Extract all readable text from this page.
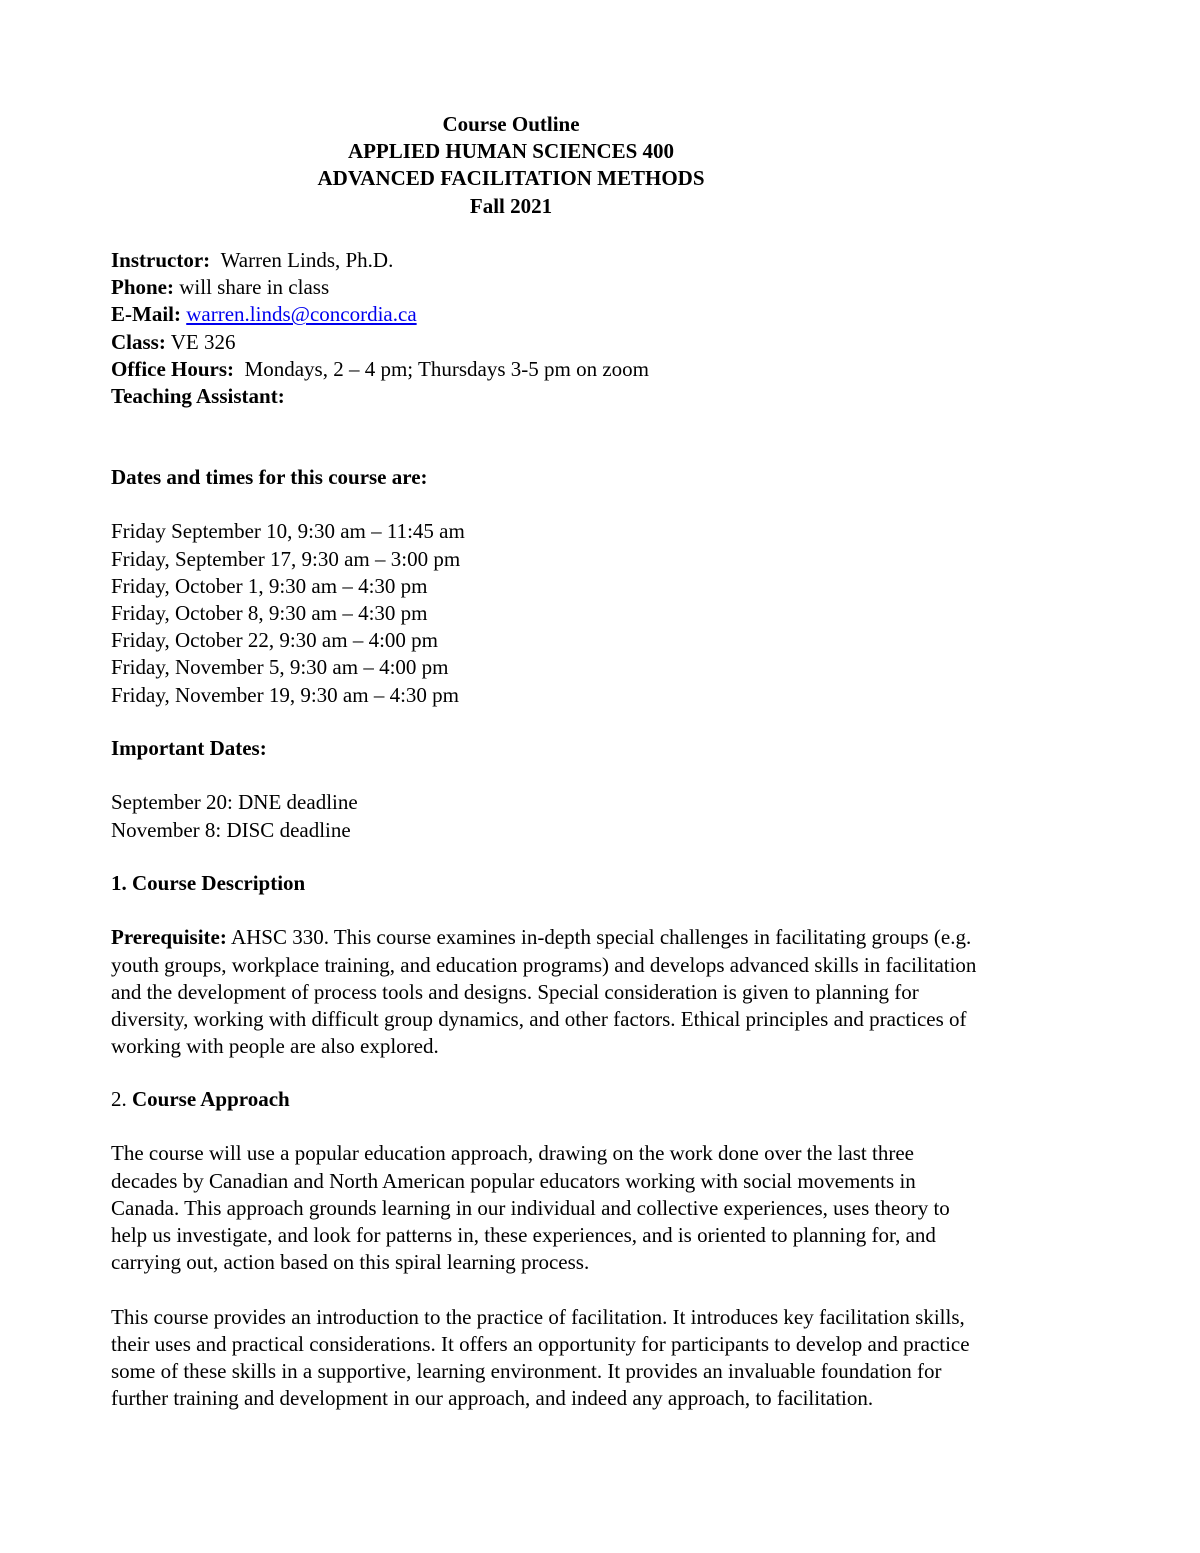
Course Outline
APPLIED HUMAN SCIENCES 400
ADVANCED FACILITATION METHODS
Fall 2021
Instructor: Warren Linds, Ph.D.
Phone: will share in class
E-Mail: warren.linds@concordia.ca
Class: VE 326
Office Hours: Mondays, 2 – 4 pm; Thursdays 3-5 pm on zoom
Teaching Assistant:
Dates and times for this course are:
Friday September 10, 9:30 am – 11:45 am
Friday, September 17, 9:30 am – 3:00 pm
Friday, October 1, 9:30 am – 4:30 pm
Friday, October 8, 9:30 am – 4:30 pm
Friday, October 22, 9:30 am – 4:00 pm
Friday, November 5, 9:30 am – 4:00 pm
Friday, November 19, 9:30 am – 4:30 pm
Important Dates:
September 20: DNE deadline
November 8: DISC deadline
1. Course Description
Prerequisite: AHSC 330. This course examines in-depth special challenges in facilitating groups (e.g.
youth groups, workplace training, and education programs) and develops advanced skills in facilitation
and the development of process tools and designs. Special consideration is given to planning for
diversity, working with difficult group dynamics, and other factors. Ethical principles and practices of
working with people are also explored.
2. Course Approach
The course will use a popular education approach, drawing on the work done over the last three
decades by Canadian and North American popular educators working with social movements in
Canada. This approach grounds learning in our individual and collective experiences, uses theory to
help us investigate, and look for patterns in, these experiences, and is oriented to planning for, and
carrying out, action based on this spiral learning process.
This course provides an introduction to the practice of facilitation. It introduces key facilitation skills,
their uses and practical considerations. It offers an opportunity for participants to develop and practice
some of these skills in a supportive, learning environment. It provides an invaluable foundation for
further training and development in our approach, and indeed any approach, to facilitation.
